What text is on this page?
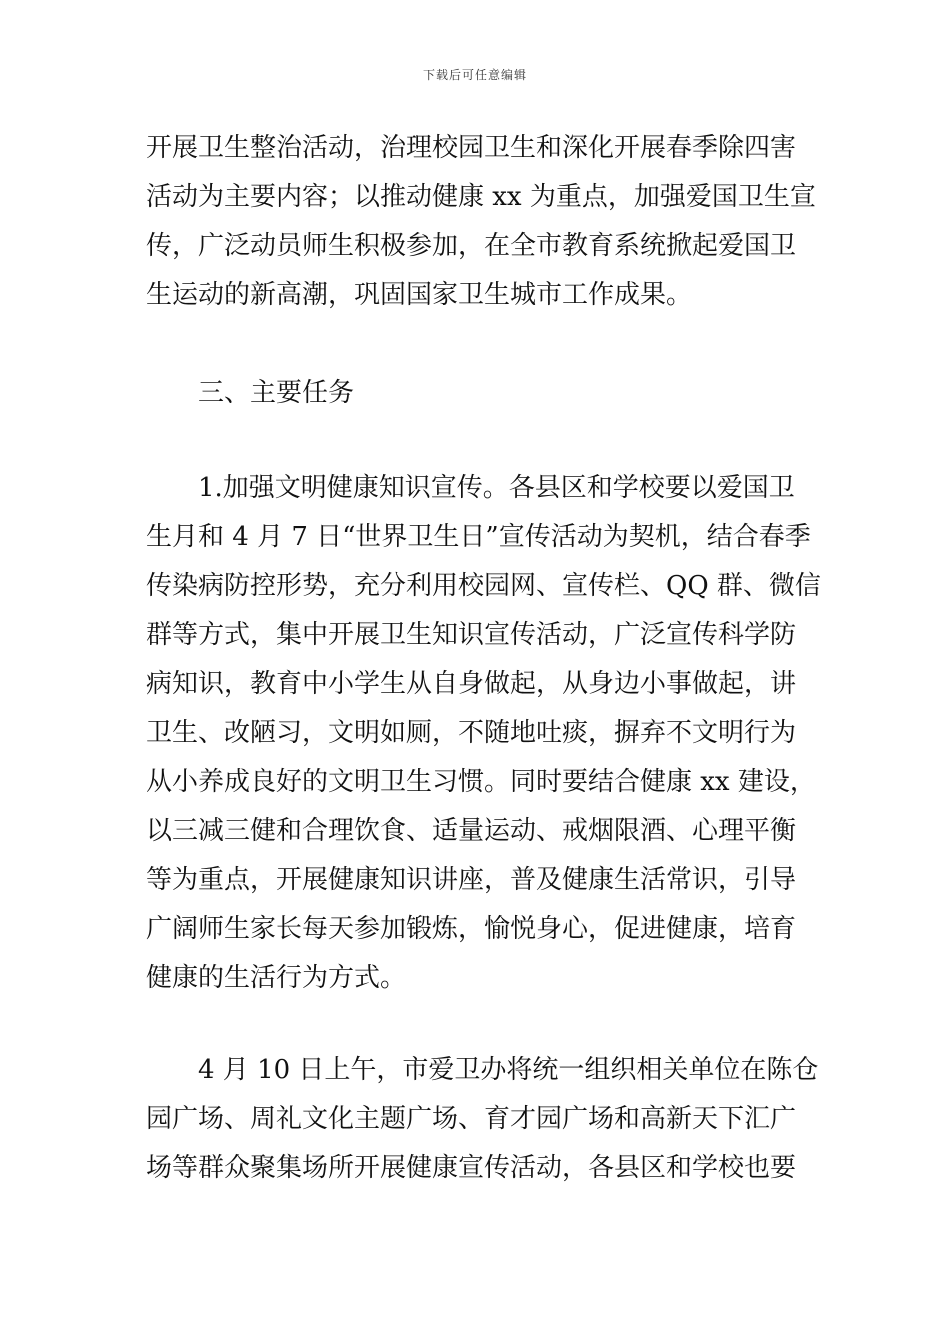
下载后可任意编辑
开展卫生整治活动，治理校园卫生和深化开展春季除四害
活动为主要内容；以推动健康 xx 为重点，加强爱国卫生宣
传，广泛动员师生积极参加，在全市教育系统掀起爱国卫
生运动的新高潮，巩固国家卫生城市工作成果。
三、主要任务
1.加强文明健康知识宣传。各县区和学校要以爱国卫
生月和 4 月 7 日“世界卫生日”宣传活动为契机，结合春季
传染病防控形势，充分利用校园网、宣传栏、QQ 群、微信
群等方式，集中开展卫生知识宣传活动，广泛宣传科学防
病知识，教育中小学生从自身做起，从身边小事做起，讲
卫生、改陋习，文明如厕，不随地吐痰，摒弃不文明行为
从小养成良好的文明卫生习惯。同时要结合健康 xx 建设，
以三减三健和合理饮食、适量运动、戒烟限酒、心理平衡
等为重点，开展健康知识讲座，普及健康生活常识，引导
广阔师生家长每天参加锻炼，愉悦身心，促进健康，培育
健康的生活行为方式。
4 月 10 日上午，市爱卫办将统一组织相关单位在陈仓
园广场、周礼文化主题广场、育才园广场和高新天下汇广
场等群众聚集场所开展健康宣传活动，各县区和学校也要
